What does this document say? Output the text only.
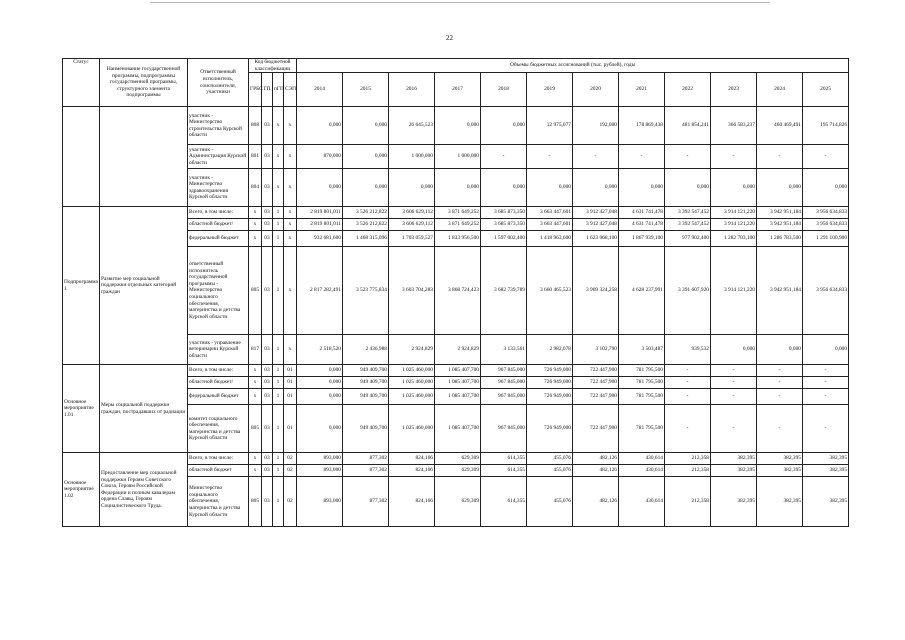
22
Статус	Наименование государственной программы, подпрограммы государственной программы, структурного элемента подпрограммы	Ответственный исполнитель, соисполнители, участники	Код бюджетной классификации				Объемы бюджетных ассигнований (тыс. рублей), годы											
			ГРБС	ГП	пГП	СЭП	2014	2015	2016	2017	2018	2019	2020	2021	2022	2023	2024	2025
		участник - Министерство строительства Курской области	808	03	х	х	0,000	0,000	26 645,523	0,000	0,000	12 975,077	192,000	178 869,438	481 854,241	366 583,237	460 469,491	195 714,826
		участник - Администрация Курской области	801	03	х	х	870,000	0,000	1 000,000	1 000,000	-	-	-	-	-	-	-	-
		участник - Министерство здравоохранения Курской области	804	03	х	х	0,000	0,000	0,000	0,000	0,000	0,000	0,000	0,000	0,000	0,000	0,000	0,000
Подпрограмма 1	Развитие мер социальной поддержки отдельных категорий граждан	Всего, в том числе:	х	03	1	х	2 819 801,011	3 526 212,822	3 606 629,112	3 871 649,252	3 685 873,350	3 663 447,601	3 912 427,048	4 631 741,478	3 392 547,452	3 914 121,220	3 942 951,184	3 956 634,833
		областной бюджет/	х	03	1	х	2 819 801,011	3 526 212,822	3 606 629,112	3 871 649,252	3 685 873,350	3 663 447,601	3 912 427,048	4 631 741,478	3 392 547,452	3 914 121,220	3 942 951,184	3 956 634,833
		федеральный бюджет	х	03	1	х	932 681,600	1 468 315,096	1 703 059,527	1 833 956,500	1 597 002,400	1 418 963,600	1 623 068,100	1 867 939,100	977 902,400	1 282 703,100	1 286 783,500	1 291 100,900
		ответственный исполнитель государственной программы - Министерство социального обеспечения, материнства и детства Курской области	805	03	1	х	2 817 282,491	3 523 775,834	3 603 704,283	3 868 724,423	3 682 739,789	3 660 465,523	3 909 324,258	4 628 237,991	3 391 607,920	3 914 121,220	3 942 951,184	3 956 634,833
		участник - управление ветеринарии Курской области	817	03	1	х	2 518,520	2 436,988	2 924,829	2 924,829	3 133,561	2 982,078	3 102,790	3 503,487	939,532	0,000	0,000	0,000
Основное мероприятие 1.01	Меры социальной поддержки граждан, пострадавших от радиации	Всего, в том числе:	х	03	1	01	0,000	949 409,700	1 025 460,000	1 085 407,700	967 845,000	726 949,000	722 447,900	781 795,500	-	-	-	-
		областной бюджет/	х	03	1	01	0,000	949 409,700	1 025 460,000	1 085 407,700	967 845,000	726 949,000	722 447,900	781 795,500	-	-	-	-
		федеральный бюджет	х	03	1	01	0,000	949 409,700	1 025 460,000	1 085 407,700	967 845,000	726 949,000	722 447,900	781 795,500	-	-	-	-
		комитет социального обеспечения, материнства и детства Курской области	805	03	1	01	0,000	949 409,700	1 025 460,000	1 085 407,700	967 845,000	726 949,000	722 447,900	781 795,500	-	-	-	-
Основное мероприятие 1.02	Предоставление мер социальной поддержки Героям Советского Союза, Героям Российской Федерации и полным кавалерам ордена Славы, Героям Социалистического Труда.	Всего, в том числе:	х	03	1	02	893,000	877,302	824,166	629,309	614,355	455,076	482,126	430,614	212,358	382,395	382,395	382,395
		областной бюджет	х	03	1	02	893,000	877,302	824,166	629,309	614,355	455,076	482,126	430,614	212,358	382,395	382,395	382,395
		Министерство социального обеспечения, материнства и детства Курской области	805	03	1	02	893,000	877,302	824,166	629,309	614,355	455,076	482,126	430,614	212,358	382,395	382,395	382,395
